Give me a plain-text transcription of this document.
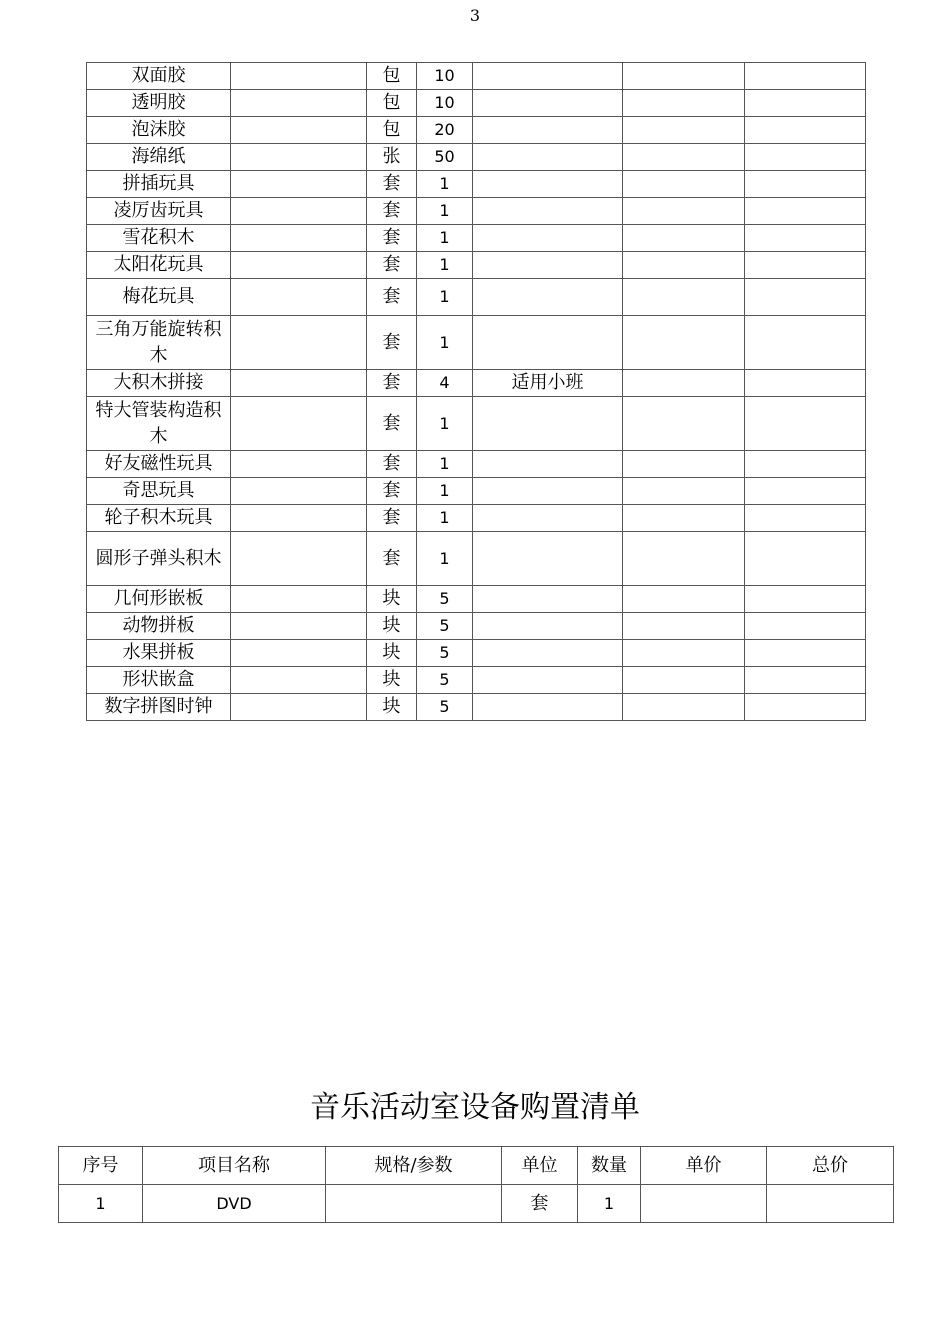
3
双面胶		包	10			
透明胶		包	10			
泡沫胶		包	20			
海绵纸		张	50			
拼插玩具		套	1			
凌厉齿玩具		套	1			
雪花积木		套	1			
太阳花玩具		套	1			
梅花玩具		套	1			
三角万能旋转积木		套	1			
大积木拼接		套	4	适用小班		
特大管装构造积木		套	1			
好友磁性玩具		套	1			
奇思玩具		套	1			
轮子积木玩具		套	1			
圆形子弹头积木		套	1			
几何形嵌板		块	5			
动物拼板		块	5			
水果拼板		块	5			
形状嵌盒		块	5			
数字拼图时钟		块	5			
音乐活动室设备购置清单
序号	项目名称	规格/参数	单位	数量	单价	总价
1	DVD		套	1		
